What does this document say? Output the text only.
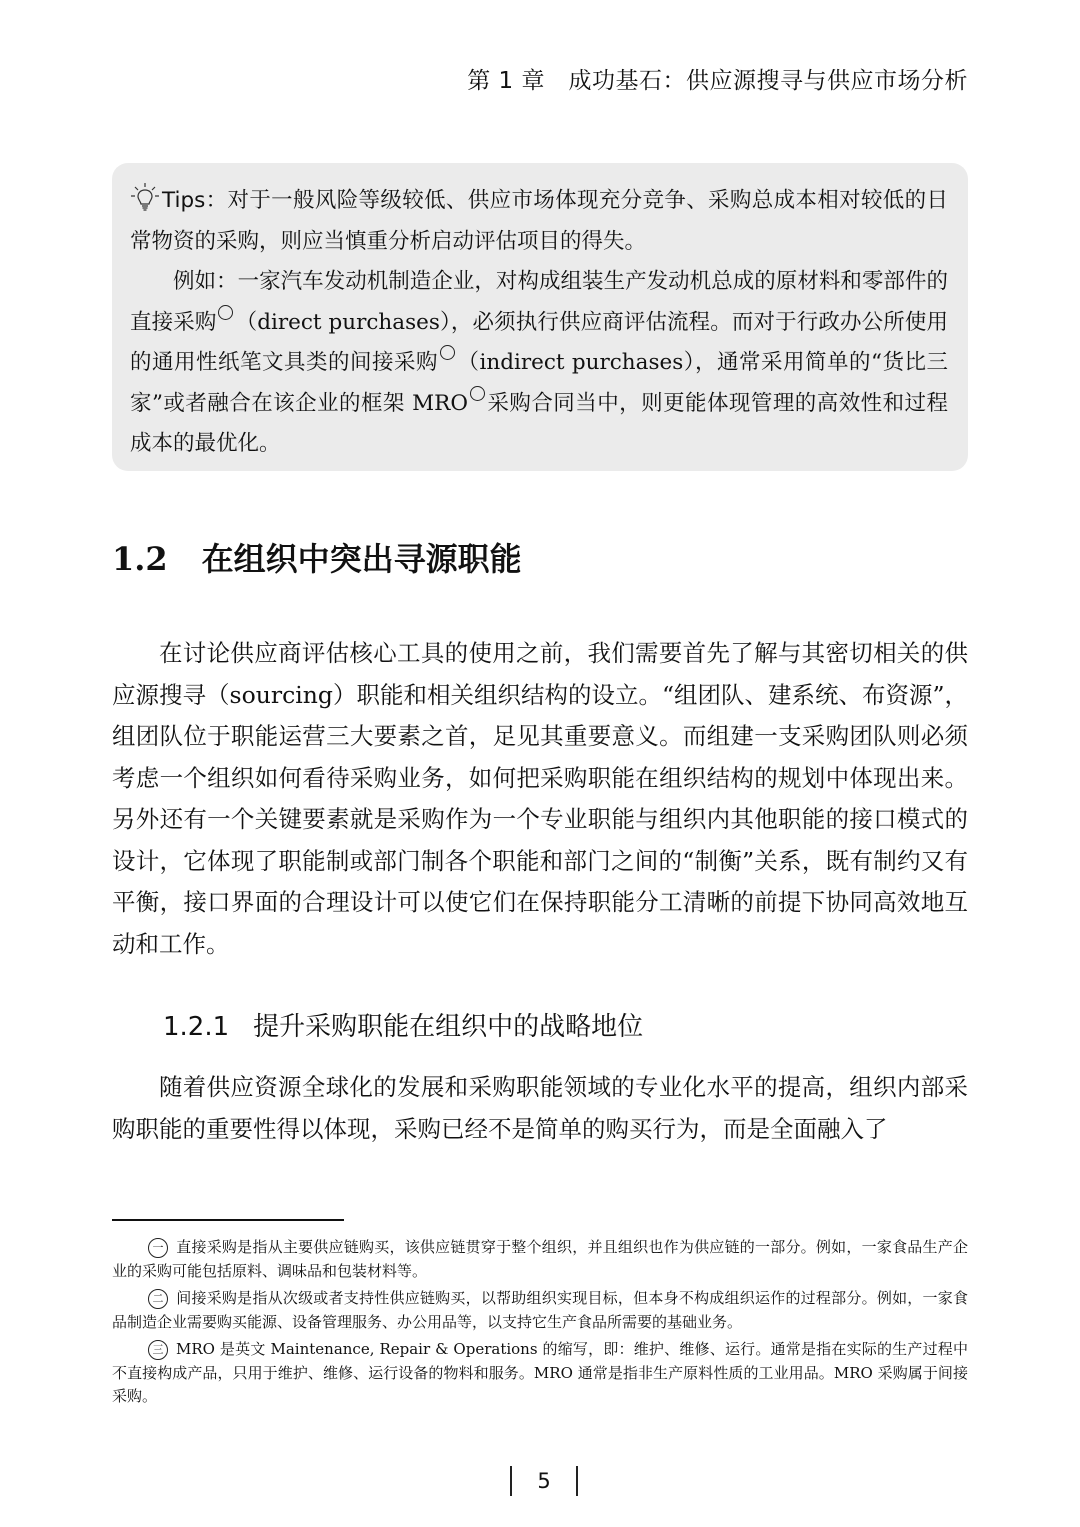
第 1 章　成功基石：供应源搜寻与供应市场分析

Tips：对于一般风险等级较低、供应市场体现充分竞争、采购总成本相对较低的日常物资的采购，则应当慎重分析启动评估项目的得失。

例如：一家汽车发动机制造企业，对构成组装生产发动机总成的原材料和零部件的直接采购 （direct purchases），必须执行供应商评估流程。而对于行政办公所使用的通用性纸笔文具类的间接采购 （indirect purchases），通常采用简单的“货比三家”或者融合在该企业的框架 MRO 采购合同当中，则更能体现管理的高效性和过程成本的最优化。

1.2 在组织中突出寻源职能

在讨论供应商评估核心工具的使用之前，我们需要首先了解与其密切相关的供应源搜寻（sourcing）职能和相关组织结构的设立。“组团队、建系统、布资源”，组团队位于职能运营三大要素之首，足见其重要意义。而组建一支采购团队则必须考虑一个组织如何看待采购业务，如何把采购职能在组织结构的规划中体现出来。另外还有一个关键要素就是采购作为一个专业职能与组织内其他职能的接口模式的设计，它体现了职能制或部门制各个职能和部门之间的“制衡”关系，既有制约又有平衡，接口界面的合理设计可以使它们在保持职能分工清晰的前提下协同高效地互动和工作。

1.2.1 提升采购职能在组织中的战略地位

随着供应资源全球化的发展和采购职能领域的专业化水平的提高，组织内部采购职能的重要性得以体现，采购已经不是简单的购买行为，而是全面融入了

一 直接采购是指从主要供应链购买，该供应链贯穿于整个组织，并且组织也作为供应链的一部分。例如，一家食品生产企业的采购可能包括原料、调味品和包装材料等。

二 间接采购是指从次级或者支持性供应链购买，以帮助组织实现目标，但本身不构成组织运作的过程部分。例如，一家食品制造企业需要购买能源、设备管理服务、办公用品等，以支持它生产食品所需要的基础业务。

三 MRO 是英文 Maintenance, Repair & Operations 的缩写，即：维护、维修、运行。通常是指在实际的生产过程中不直接构成产品，只用于维护、维修、运行设备的物料和服务。MRO 通常是指非生产原料性质的工业用品。MRO 采购属于间接采购。

5
